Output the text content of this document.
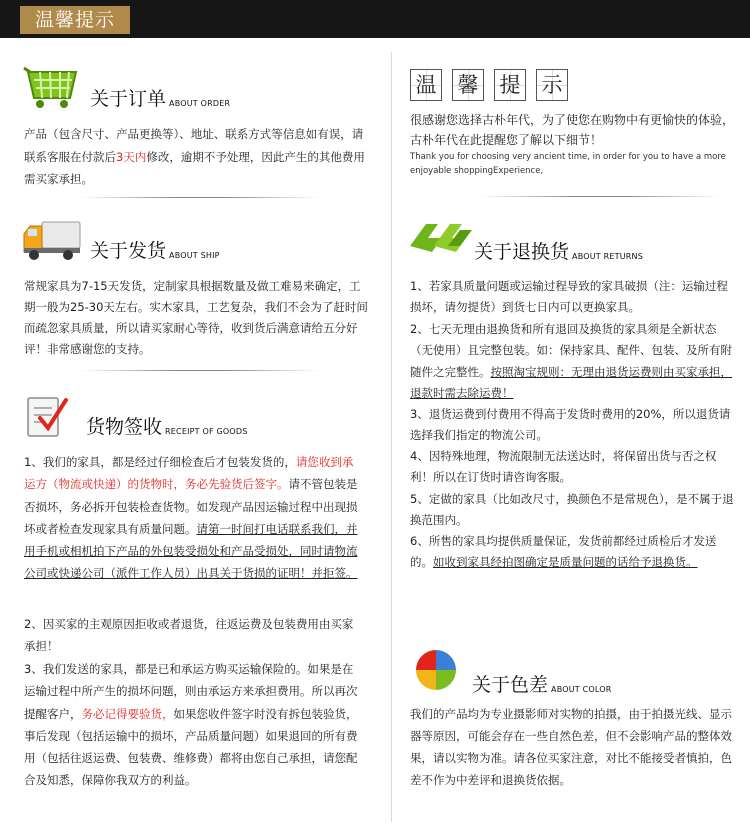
温馨提示
关于订单 ABOUT ORDER

产品（包含尺寸、产品更换等）、地址、联系方式等信息如有误，请联系客服在付款后3天内修改，逾期不予处理，因此产生的其他费用需买家承担。

关于发货 ABOUT SHIP

常规家具为7-15天发货，定制家具根据数量及做工难易来确定，工期一般为25-30天左右。实木家具，工艺复杂，我们不会为了赶时间而疏忽家具质量，所以请买家耐心等待，收到货后满意请给五分好评！非常感谢您的支持。

货物签收 RECEIPT OF GOODS

1、我们的家具，都是经过仔细检查后才包装发货的，请您收到承运方（物流或快递）的货物时，务必先验货后签字。请不管包装是否损坏，务必拆开包装检查货物。如发现产品因运输过程中出现损坏或者检查发现家具有质量问题。请第一时间打电话联系我们，并用手机或相机拍下产品的外包装受损处和产品受损处，同时请物流公司或快递公司（派件工作人员）出具关于货损的证明！并拒签。

2、因买家的主观原因拒收或者退货，往返运费及包装费用由买家承担！

3、我们发送的家具，都是已和承运方购买运输保险的。如果是在运输过程中所产生的损坏问题，则由承运方来承担费用。所以再次提醒客户，务必记得要验货，如果您收件签字时没有拆包装验货，事后发现（包括运输中的损坏，产品质量问题）如果退回的所有费用（包括往返运费、包装费、维修费）都将由您自己承担，请您配合及知悉，保障你我双方的利益。

温 馨 提 示

很感谢您选择古朴年代，为了使您在购物中有更愉快的体验，古朴年代在此提醒您了解以下细节！

Thank you for choosing very ancient time, in order for you to have a more enjoyable shoppingExperience,

关于退换货 ABOUT RETURNS

1、若家具质量问题或运输过程导致的家具破损（注：运输过程损坏，请勿提货）到货七日内可以更换家具。

2、七天无理由退换货和所有退回及换货的家具须是全新状态（无使用）且完整包装。如：保持家具、配件、包装、及所有附随件之完整性。按照淘宝规则：无理由退货运费则由买家承担，退款时需去除运费！

3、退货运费到付费用不得高于发货时费用的20%，所以退货请选择我们指定的物流公司。

4、因特殊地理，物流限制无法送达时，将保留出货与否之权利！所以在订货时请咨询客服。

5、定做的家具（比如改尺寸，换颜色不是常规色），是不属于退换范围内。

6、所售的家具均提供质量保证，发货前都经过质检后才发送的。如收到家具经拍图确定是质量问题的话给予退换货。

关于色差 ABOUT COLOR

我们的产品均为专业摄影师对实物的拍摄，由于拍摄光线、显示器等原因，可能会存在一些自然色差，但不会影响产品的整体效果，请以实物为准。请各位买家注意，对比不能接受者慎拍，色差不作为中差评和退换货依据。
